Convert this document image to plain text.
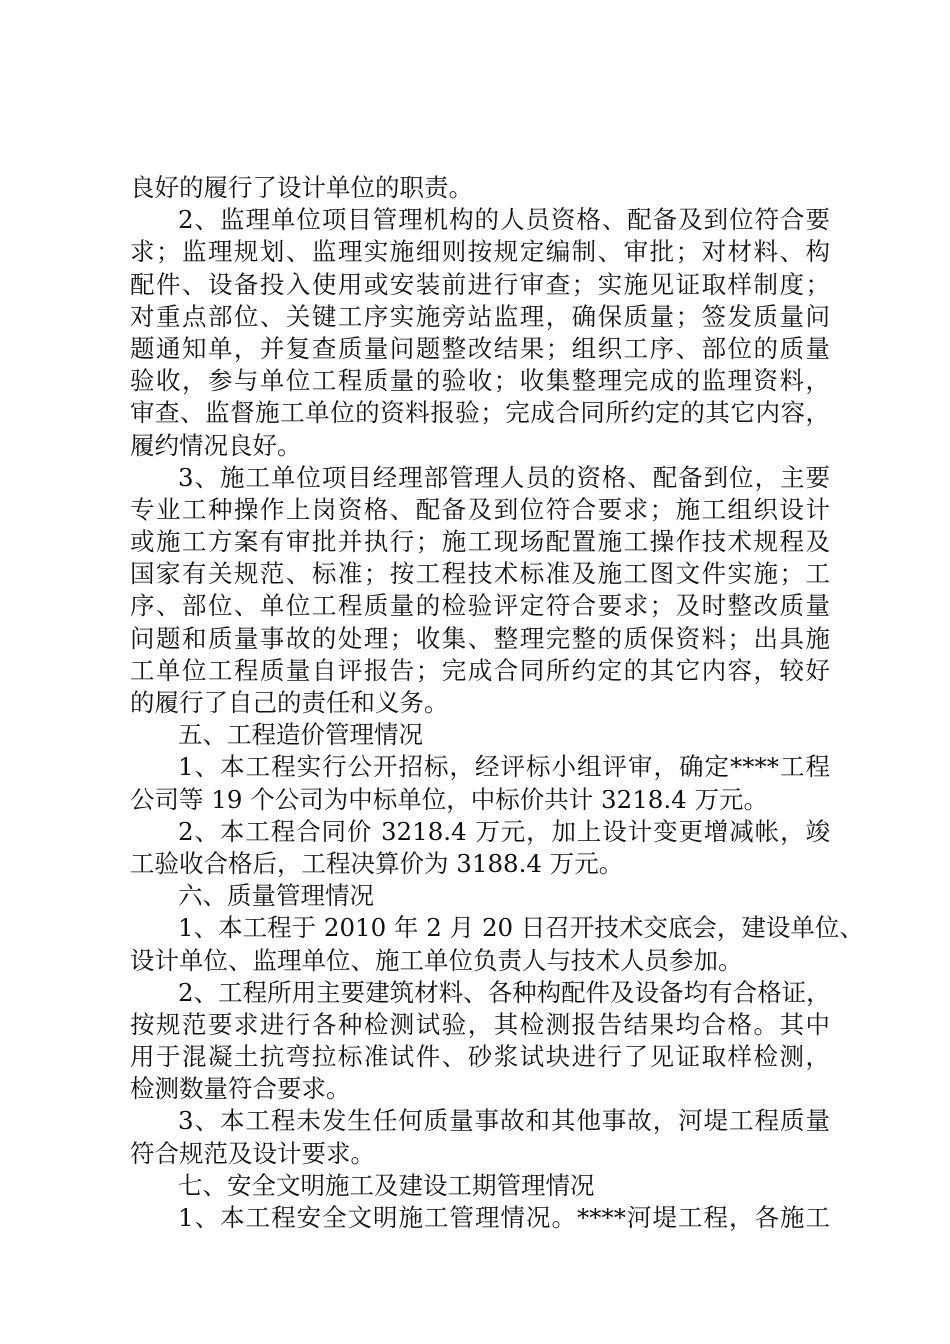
良好的履行了设计单位的职责。
2、监理单位项目管理机构的人员资格、配备及到位符合要
求；监理规划、监理实施细则按规定编制、审批；对材料、构
配件、设备投入使用或安装前进行审查；实施见证取样制度；
对重点部位、关键工序实施旁站监理，确保质量；签发质量问
题通知单，并复查质量问题整改结果；组织工序、部位的质量
验收，参与单位工程质量的验收；收集整理完成的监理资料，
审查、监督施工单位的资料报验；完成合同所约定的其它内容，
履约情况良好。
3、施工单位项目经理部管理人员的资格、配备到位，主要
专业工种操作上岗资格、配备及到位符合要求；施工组织设计
或施工方案有审批并执行；施工现场配置施工操作技术规程及
国家有关规范、标准；按工程技术标准及施工图文件实施；工
序、部位、单位工程质量的检验评定符合要求；及时整改质量
问题和质量事故的处理；收集、整理完整的质保资料；出具施
工单位工程质量自评报告；完成合同所约定的其它内容，较好
的履行了自己的责任和义务。
五、工程造价管理情况
1、本工程实行公开招标，经评标小组评审，确定****工程
公司等 19 个公司为中标单位，中标价共计 3218.4 万元。
2、本工程合同价 3218.4 万元，加上设计变更增减帐，竣
工验收合格后，工程决算价为 3188.4 万元。
六、质量管理情况
1、本工程于 2010 年 2 月 20 日召开技术交底会，建设单位、
设计单位、监理单位、施工单位负责人与技术人员参加。
2、工程所用主要建筑材料、各种构配件及设备均有合格证，
按规范要求进行各种检测试验，其检测报告结果均合格。其中
用于混凝土抗弯拉标准试件、砂浆试块进行了见证取样检测，
检测数量符合要求。
3、本工程未发生任何质量事故和其他事故，河堤工程质量
符合规范及设计要求。
七、安全文明施工及建设工期管理情况
1、本工程安全文明施工管理情况。****河堤工程，各施工
